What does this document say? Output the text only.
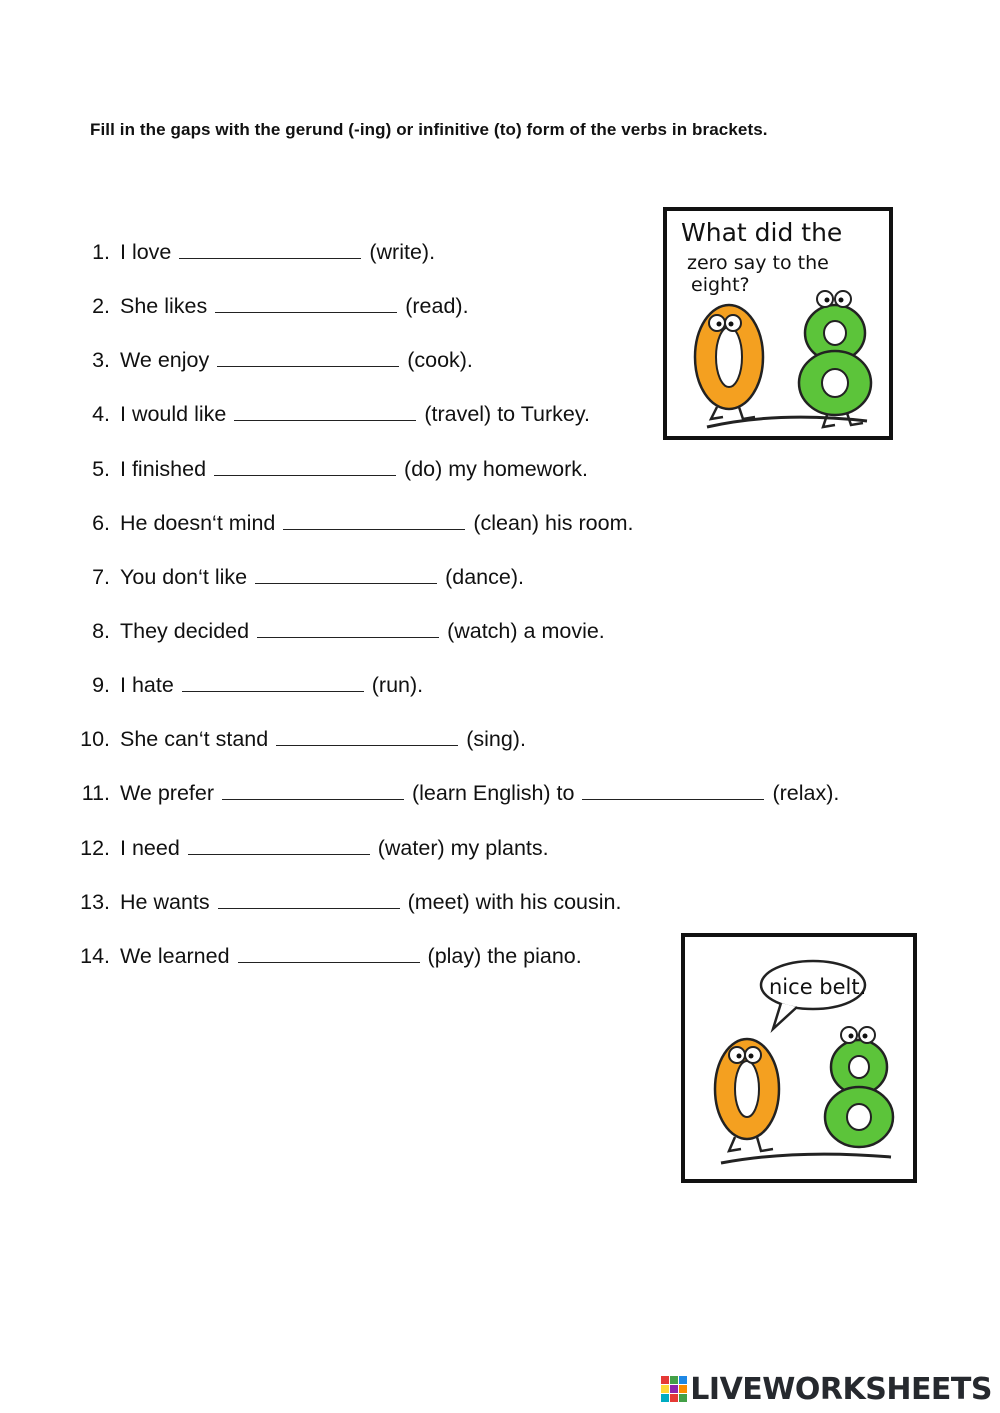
Fill in the gaps with the gerund (-ing) or infinitive (to) form of the verbs in brackets.
1. I love	(write).
2. She likes	(read).
3. We enjoy	(cook).
4. I would like	(travel) to Turkey.
5. I finished	(do) my homework.
6. He doesn‘t mind	(clean) his room.
7. You don‘t like	(dance).
8. They decided	(watch) a movie.
9. I hate	(run).
10. She can‘t stand	(sing).
11. We prefer	(learn English) to	(relax).
12. I need	(water) my plants.
13. He wants	(meet) with his cousin.
14. We learned	(play) the piano.
What did the
zero say to the
eight?
nice belt.
LIVEWORKSHEETS
